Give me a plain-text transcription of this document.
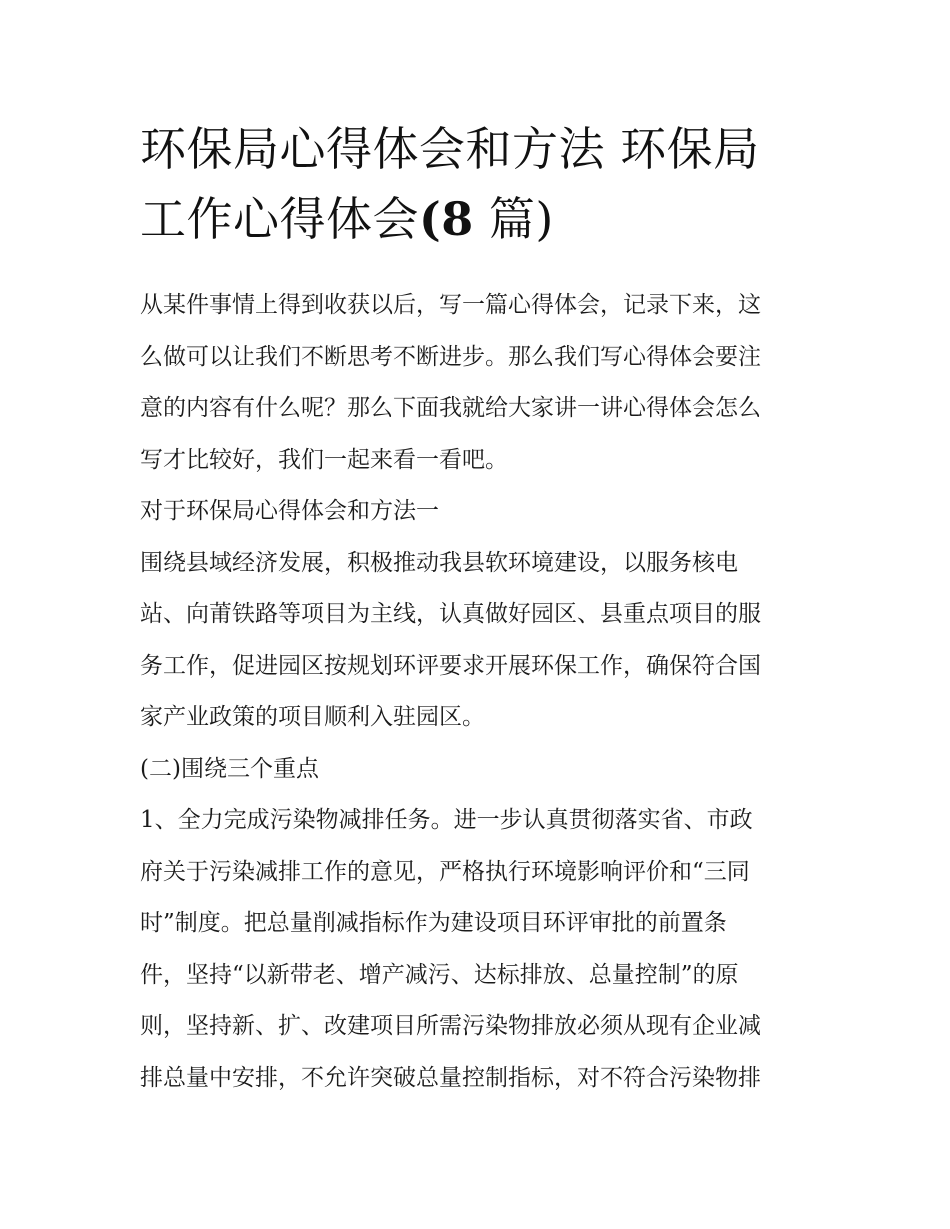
环保局心得体会和方法 环保局
工作心得体会(8 篇)
从某件事情上得到收获以后，写一篇心得体会，记录下来，这
么做可以让我们不断思考不断进步。那么我们写心得体会要注
意的内容有什么呢？那么下面我就给大家讲一讲心得体会怎么
写才比较好，我们一起来看一看吧。
对于环保局心得体会和方法一
围绕县域经济发展，积极推动我县软环境建设，以服务核电
站、向莆铁路等项目为主线，认真做好园区、县重点项目的服
务工作，促进园区按规划环评要求开展环保工作，确保符合国
家产业政策的项目顺利入驻园区。
(二)围绕三个重点
1、全力完成污染物减排任务。进一步认真贯彻落实省、市政
府关于污染减排工作的意见，严格执行环境影响评价和“三同
时”制度。把总量削减指标作为建设项目环评审批的前置条
件，坚持“以新带老、增产减污、达标排放、总量控制”的原
则，坚持新、扩、改建项目所需污染物排放必须从现有企业减
排总量中安排，不允许突破总量控制指标，对不符合污染物排
